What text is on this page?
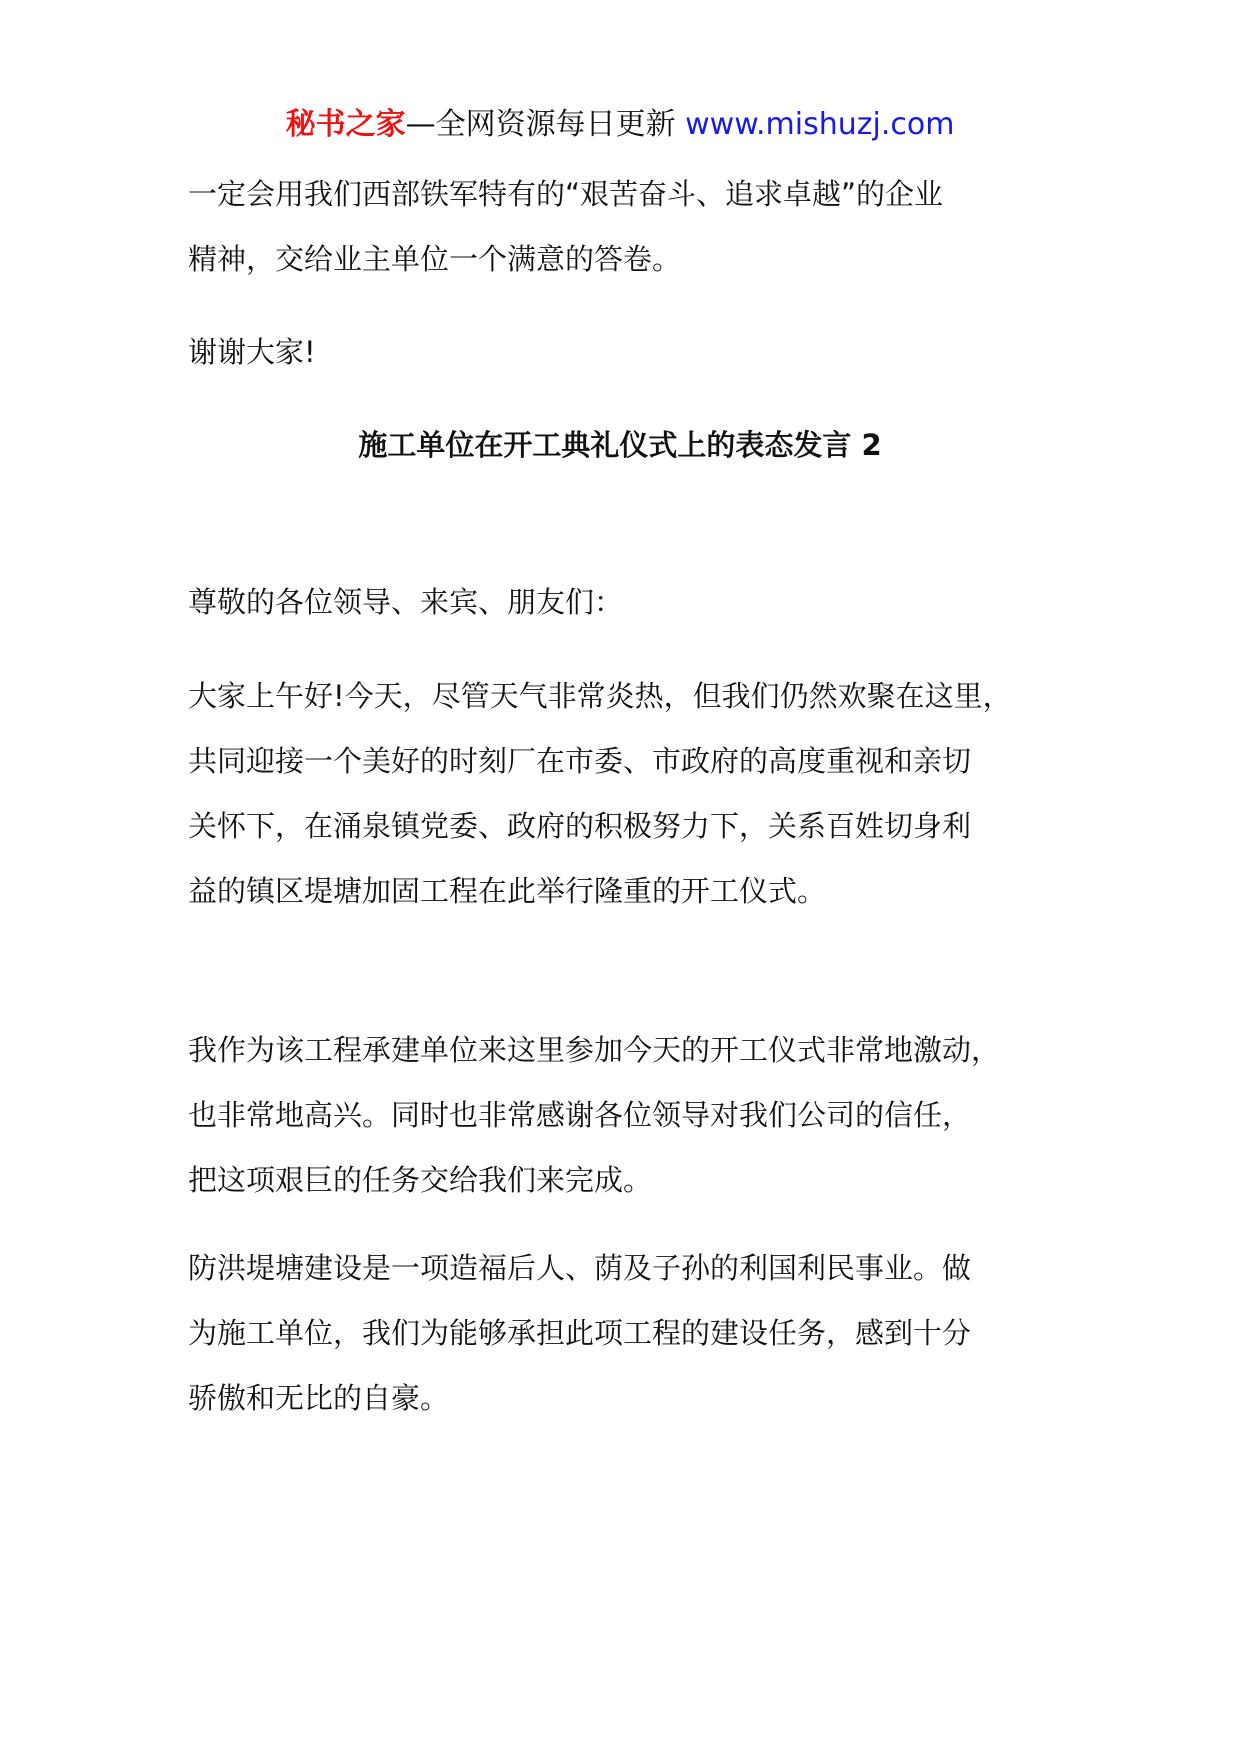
秘书之家—全网资源每日更新 www.mishuzj.com
一定会用我们西部铁军特有的“艰苦奋斗、追求卓越”的企业
精神，交给业主单位一个满意的答卷。

谢谢大家!

施工单位在开工典礼仪式上的表态发言 2

尊敬的各位领导、来宾、朋友们：

大家上午好!今天，尽管天气非常炎热，但我们仍然欢聚在这里，
共同迎接一个美好的时刻厂在市委、市政府的高度重视和亲切
关怀下，在涌泉镇党委、政府的积极努力下，关系百姓切身利
益的镇区堤塘加固工程在此举行隆重的开工仪式。
我作为该工程承建单位来这里参加今天的开工仪式非常地激动，
也非常地高兴。同时也非常感谢各位领导对我们公司的信任，
把这项艰巨的任务交给我们来完成。
防洪堤塘建设是一项造福后人、荫及子孙的利国利民事业。做
为施工单位，我们为能够承担此项工程的建设任务，感到十分
骄傲和无比的自豪。
